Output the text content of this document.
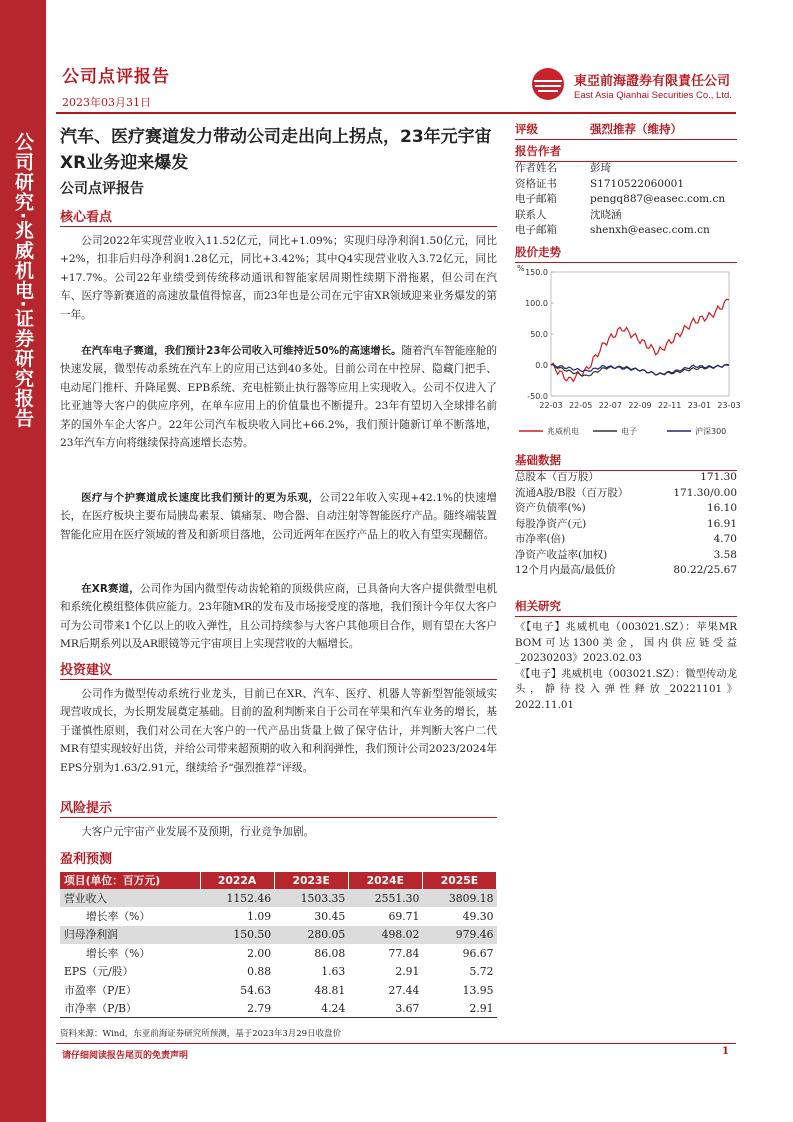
公司研究·兆威机电·证券研究报告
公司点评报告
2023年03月31日
東亞前海證券有限責任公司
East Asia Qianhai Securities Co., Ltd.
汽车、医疗赛道发力带动公司走出向上拐点，23年元宇宙XR业务迎来爆发
公司点评报告
核心看点
公司2022年实现营业收入11.52亿元，同比+1.09%；实现归母净利润1.50亿元，同比+2%，扣非后归母净利润1.28亿元，同比+3.42%；其中Q4实现营业收入3.72亿元，同比+17.7%。公司22年业绩受到传统移动通讯和智能家居周期性续期下滑拖累，但公司在汽车、医疗等新赛道的高速放量值得惊喜，而23年也是公司在元宇宙XR领域迎来业务爆发的第一年。
在汽车电子赛道，我们预计23年公司收入可维持近50%的高速增长。随着汽车智能座舱的快速发展，微型传动系统在汽车上的应用已达到40多处。目前公司在中控屏、隐藏门把手、电动尾门推杆、升降尾翼、EPB系统、充电桩锁止执行器等应用上实现收入。公司不仅进入了比亚迪等大客户的供应序列，在单车应用上的价值量也不断提升。23年有望切入全球排名前茅的国外车企大客户。22年公司汽车板块收入同比+66.2%，我们预计随新订单不断落地，23年汽车方向将继续保持高速增长态势。
医疗与个护赛道成长速度比我们预计的更为乐观，公司22年收入实现+42.1%的快速增长，在医疗板块主要布局胰岛素泵、镇痛泵、吻合器、自动注射等智能医疗产品。随终端装置智能化应用在医疗领域的普及和新项目落地，公司近两年在医疗产品上的收入有望实现翻倍。
在XR赛道，公司作为国内微型传动齿轮箱的顶级供应商，已具备向大客户提供微型电机和系统化模组整体供应能力。23年随MR的发布及市场接受度的落地，我们预计今年仅大客户可为公司带来1个亿以上的收入弹性，且公司持续参与大客户其他项目合作，则有望在大客户MR后期系列以及AR眼镜等元宇宙项目上实现营收的大幅增长。
投资建议
公司作为微型传动系统行业龙头，目前已在XR、汽车、医疗、机器人等新型智能领域实现营收成长，为长期发展奠定基础。目前的盈利判断来自于公司在苹果和汽车业务的增长，基于谨慎性原则，我们对公司在大客户的一代产品出货量上做了保守估计，并判断大客户二代MR有望实现较好出货，并给公司带来超预期的收入和利润弹性，我们预计公司2023/2024年EPS分别为1.63/2.91元，继续给予“强烈推荐”评级。
风险提示
大客户元宇宙产业发展不及预期，行业竞争加剧。
盈利预测
项目(单位：百万元)	2022A	2023E	2024E	2025E
营业收入	1152.46	1503.35	2551.30	3809.18
增长率（%）	1.09	30.45	69.71	49.30
归母净利润	150.50	280.05	498.02	979.46
增长率（%）	2.00	86.08	77.84	96.67
EPS（元/股）	0.88	1.63	2.91	5.72
市盈率（P/E）	54.63	48.81	27.44	13.95
市净率（P/B）	2.79	4.24	3.67	2.91
资料来源：Wind，东亚前海证券研究所预测，基于2023年3月29日收盘价
评级	强烈推荐（维持）
报告作者
作者姓名	彭琦
资格证书	S1710522060001
电子邮箱	pengq887@easec.com.cn
联系人	沈晓涵
电子邮箱	shenxh@easec.com.cn
股价走势
% 150.0
100.0
50.0
0.0
-50.0
22-03 22-05 22-07 22-09 22-11 23-01 23-03
兆威机电	电子	沪深300
基础数据
总股本（百万股）	171.30
流通A股/B股（百万股）	171.30/0.00
资产负债率(%)	16.10
每股净资产(元)	16.91
市净率(倍)	4.70
净资产收益率(加权)	3.58
12个月内最高/最低价	80.22/25.67
相关研究
《【电子】兆威机电（003021.SZ）：苹果MR BOM可达1300美金，国内供应链受益_20230203》2023.02.03
《【电子】兆威机电（003021.SZ）：微型传动龙头，静待投入弹性释放_20221101》2022.11.01
请仔细阅读报告尾页的免责声明	1
